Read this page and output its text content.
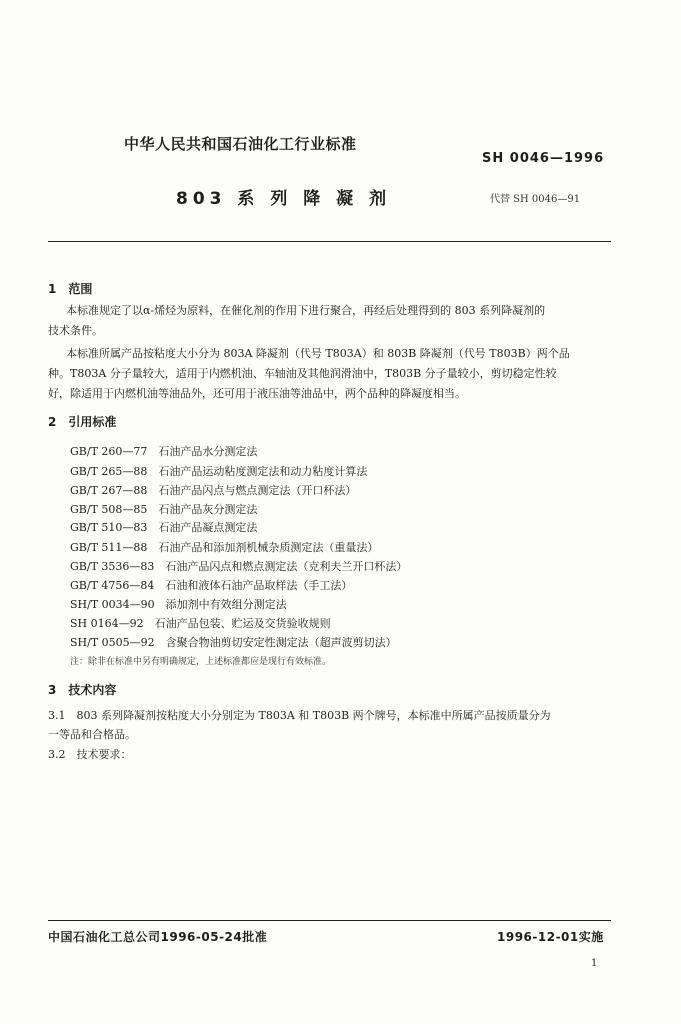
中华人民共和国石油化工行业标准
SH 0046—1996
803 系 列 降 凝 剂	代替 SH 0046—91
1　范围
本标准规定了以α-烯烃为原料，在催化剂的作用下进行聚合，再经后处理得到的 803 系列降凝剂的
技术条件。
本标准所属产品按粘度大小分为 803A 降凝剂（代号 T803A）和 803B 降凝剂（代号 T803B）两个品
种。T803A 分子量较大，适用于内燃机油、车轴油及其他润滑油中，T803B 分子量较小，剪切稳定性较
好，除适用于内燃机油等油品外，还可用于液压油等油品中，两个品种的降凝度相当。
2　引用标准
GB/T 260—77　石油产品水分测定法
GB/T 265—88　石油产品运动粘度测定法和动力粘度计算法
GB/T 267—88　石油产品闪点与燃点测定法（开口杯法）
GB/T 508—85　石油产品灰分测定法
GB/T 510—83　石油产品凝点测定法
GB/T 511—88　石油产品和添加剂机械杂质测定法（重量法）
GB/T 3536—83　石油产品闪点和燃点测定法（克利夫兰开口杯法）
GB/T 4756—84　石油和液体石油产品取样法（手工法）
SH/T 0034—90　添加剂中有效组分测定法
SH 0164—92　石油产品包装、贮运及交货验收规则
SH/T 0505—92　含聚合物油剪切安定性测定法（超声波剪切法）
注：除非在标准中另有明确规定，上述标准都应是现行有效标准。
3　技术内容
3.1　803 系列降凝剂按粘度大小分别定为 T803A 和 T803B 两个牌号，本标准中所属产品按质量分为
一等品和合格品。
3.2　技术要求：
中国石油化工总公司1996-05-24批准	1996-12-01实施
1
